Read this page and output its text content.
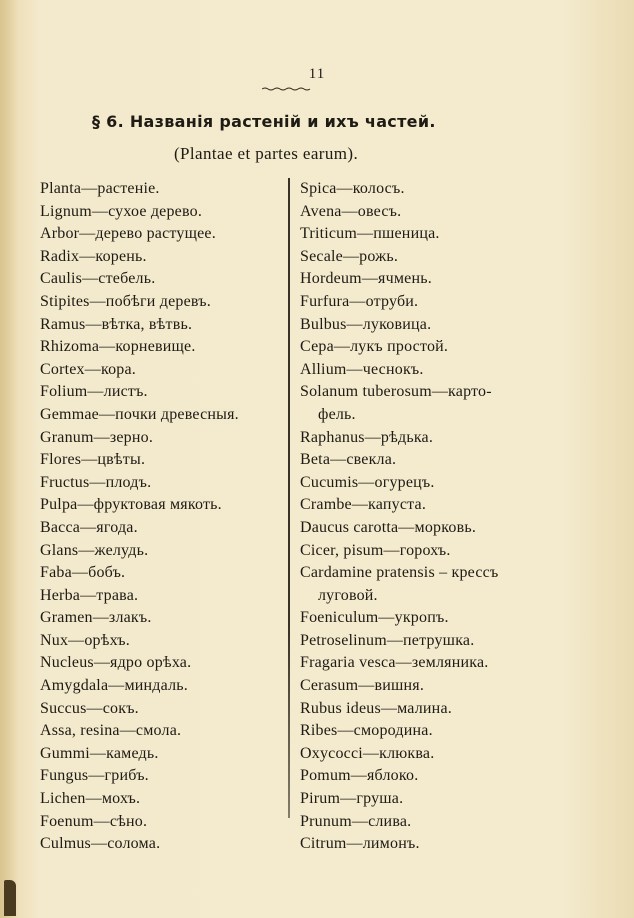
11
§ 6. Названія растеній и ихъ частей.
(Plantae et partes earum).
Planta—растеніе.
Lignum—сухое дерево.
Arbor—дерево растущее.
Radix—корень.
Caulis—стебель.
Stipites—побѣги деревъ.
Ramus—вѣтка, вѣтвь.
Rhizoma—корневище.
Cortex—кора.
Folium—листъ.
Gemmae—почки древесныя.
Granum—зерно.
Flores—цвѣты.
Fructus—плодъ.
Pulpa—фруктовая мякоть.
Bacca—ягода.
Glans—желудь.
Faba—бобъ.
Herba—трава.
Gramen—злакъ.
Nux—орѣхъ.
Nucleus—ядро орѣха.
Amygdala—миндаль.
Succus—сокъ.
Assa, resina—смола.
Gummi—камедь.
Fungus—грибъ.
Lichen—мохъ.
Foenum—сѣно.
Culmus—солома.
Spica—колосъ.
Avena—овесъ.
Triticum—пшеница.
Secale—рожь.
Hordeum—ячмень.
Furfura—отруби.
Bulbus—луковица.
Сера—лукъ простой.
Allium—чеснокъ.
Solanum tuberosum—карто-
фель.
Raphanus—рѣдька.
Beta—свекла.
Cucumis—огурецъ.
Crambe—капуста.
Daucus carotta—морковь.
Cicer, pisum—горохъ.
Cardamine pratensis – крессъ
луговой.
Foeniculum—укропъ.
Petroselinum—петрушка.
Fragaria vesca—земляника.
Cerasum—вишня.
Rubus ideus—малина.
Ribes—смородина.
Oxycocci—клюква.
Pomum—яблоко.
Pirum—груша.
Prunum—слива.
Citrum—лимонъ.
